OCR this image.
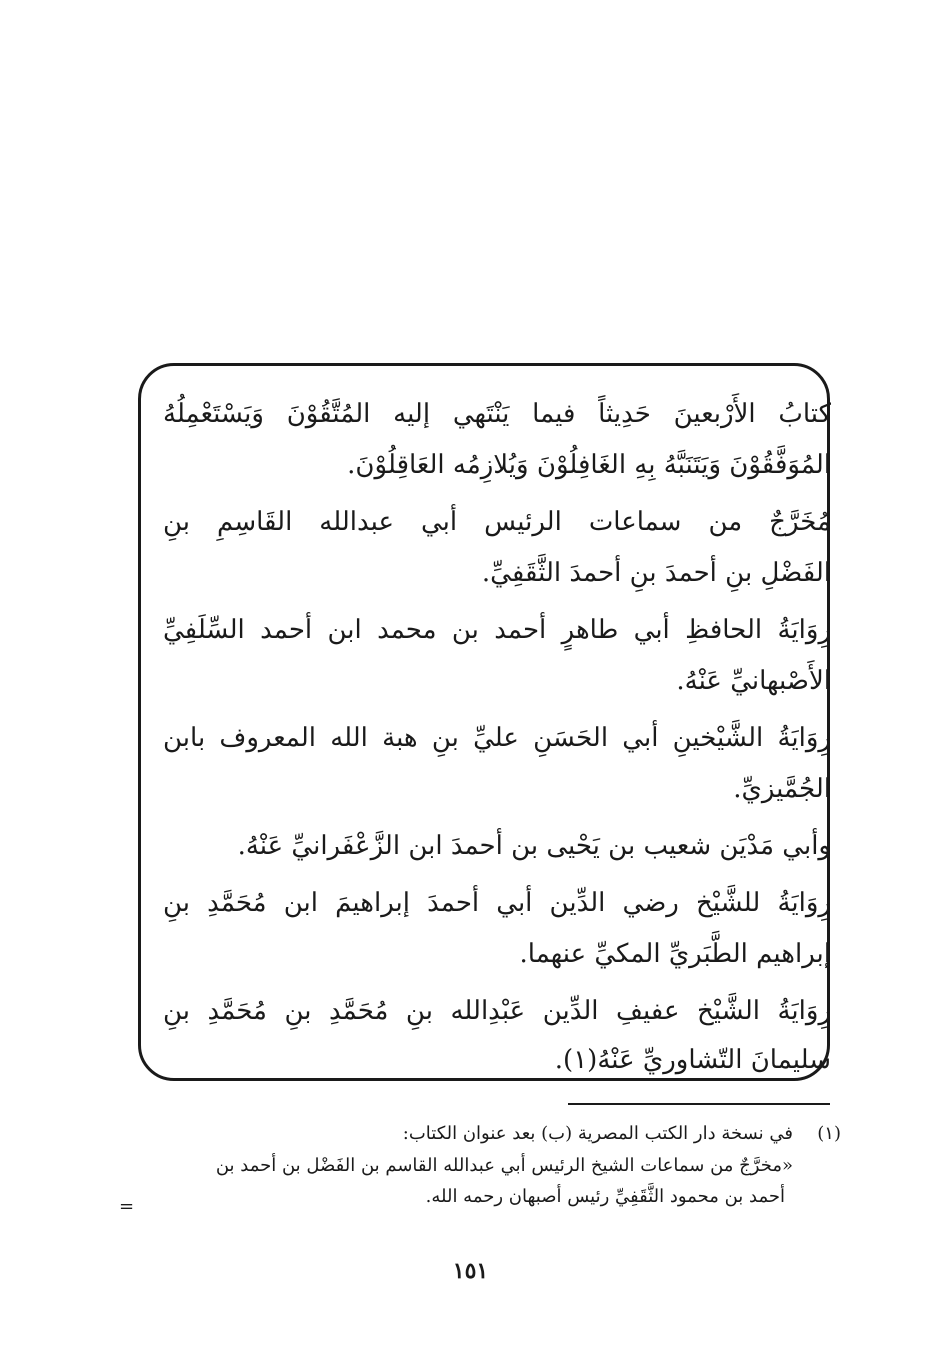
كتابُ الأَرْبعينَ حَدِيثاً فيما يَنْتَهي إليه المُتَّقُوْنَ وَيَسْتَعْمِلُهُ
المُوَفَّقُوْنَ وَيَتَنَبَّهُ بِهِ الغَافِلُوْنَ وَيُلازِمُه العَاقِلُوْنَ.
مُخَرَّجٌ من سماعات الرئيس أبي عبدالله القَاسِمِ بنِ
الفَضْلِ بنِ أحمدَ بنِ أحمدَ الثَّقَفِيِّ.
رِوَايَةُ الحافظِ أبي طاهرٍ أحمد بن محمد ابن أحمد السِّلَفِيِّ
الأَصْبهانيِّ عَنْهُ.
رِوَايَةُ الشَّيْخينِ أبي الحَسَنِ عليِّ بنِ هبة الله المعروف بابن
الجُمَّيزيِّ.
وأبي مَدْيَن شعيب بن يَحْيى بن أحمدَ ابن الزَّعْفَرانيِّ عَنْهُ.
رِوَايَةُ للشَّيْخ رضي الدِّين أبي أحمدَ إبراهيمَ ابن مُحَمَّدِ بنِ
إبراهيم الطَّبَريِّ المكيِّ عنهما.
رِوَايَةُ الشَّيْخ عفيفِ الدِّين عَبْدِالله بنِ مُحَمَّدِ بنِ مُحَمَّدِ بنِ
سليمانَ التّشاوريِّ عَنْهُ(١).
(١)
في نسخة دار الكتب المصرية (ب) بعد عنوان الكتاب:
«مخرَّجٌ من سماعات الشيخ الرئيس أبي عبدالله القاسم بن الفَضْل بن أحمد بن
أحمد بن محمود الثَّقَفِيِّ رئيس أصبهان رحمه الله.
=
١٥١
